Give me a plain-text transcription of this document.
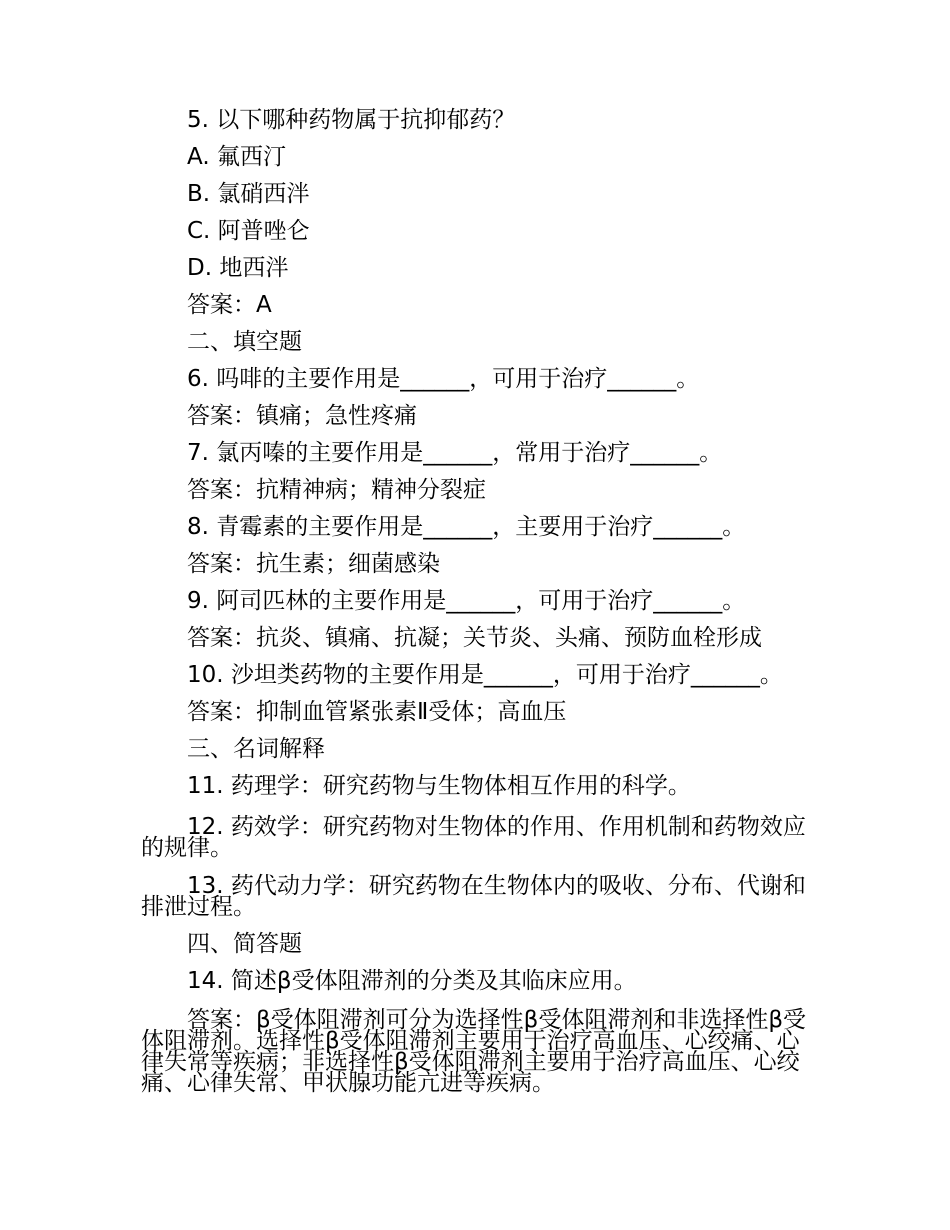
5. 以下哪种药物属于抗抑郁药？
A. 氟西汀
B. 氯硝西泮
C. 阿普唑仑
D. 地西泮
答案：A
二、填空题
6. 吗啡的主要作用是______，可用于治疗______。
答案：镇痛；急性疼痛
7. 氯丙嗪的主要作用是______，常用于治疗______。
答案：抗精神病；精神分裂症
8. 青霉素的主要作用是______，主要用于治疗______。
答案：抗生素；细菌感染
9. 阿司匹林的主要作用是______，可用于治疗______。
答案：抗炎、镇痛、抗凝；关节炎、头痛、预防血栓形成
10. 沙坦类药物的主要作用是______，可用于治疗______。
答案：抑制血管紧张素Ⅱ受体；高血压
三、名词解释
11. 药理学：研究药物与生物体相互作用的科学。
12. 药效学：研究药物对生物体的作用、作用机制和药物效应的规律。
13. 药代动力学：研究药物在生物体内的吸收、分布、代谢和排泄过程。
四、简答题
14. 简述β受体阻滞剂的分类及其临床应用。
答案：β受体阻滞剂可分为选择性β受体阻滞剂和非选择性β受体阻滞剂。选择性β受体阻滞剂主要用于治疗高血压、心绞痛、心律失常等疾病；非选择性β受体阻滞剂主要用于治疗高血压、心绞痛、心律失常、甲状腺功能亢进等疾病。
